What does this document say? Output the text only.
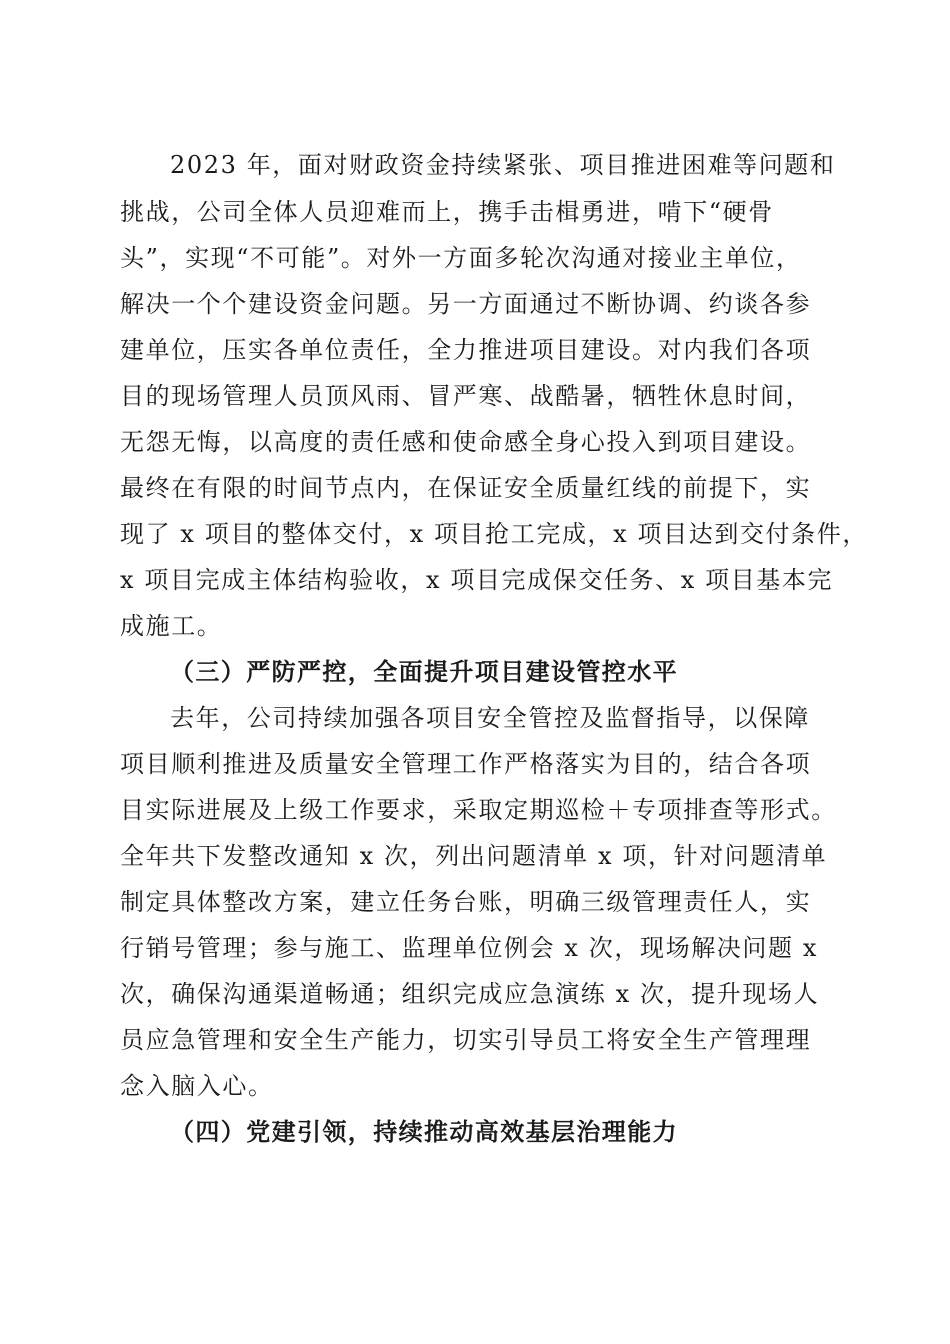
2023 年，面对财政资金持续紧张、项目推进困难等问题和
挑战，公司全体人员迎难而上，携手击楫勇进，啃下“硬骨
头”，实现“不可能”。对外一方面多轮次沟通对接业主单位，
解决一个个建设资金问题。另一方面通过不断协调、约谈各参
建单位，压实各单位责任，全力推进项目建设。对内我们各项
目的现场管理人员顶风雨、冒严寒、战酷暑，牺牲休息时间，
无怨无悔，以高度的责任感和使命感全身心投入到项目建设。
最终在有限的时间节点内，在保证安全质量红线的前提下，实
现了 x 项目的整体交付，x 项目抢工完成，x 项目达到交付条件，
x 项目完成主体结构验收，x 项目完成保交任务、x 项目基本完
成施工。
（三）严防严控，全面提升项目建设管控水平
去年，公司持续加强各项目安全管控及监督指导，以保障
项目顺利推进及质量安全管理工作严格落实为目的，结合各项
目实际进展及上级工作要求，采取定期巡检＋专项排查等形式。
全年共下发整改通知 x 次，列出问题清单 x 项，针对问题清单
制定具体整改方案，建立任务台账，明确三级管理责任人，实
行销号管理；参与施工、监理单位例会 x 次，现场解决问题 x
次，确保沟通渠道畅通；组织完成应急演练 x 次，提升现场人
员应急管理和安全生产能力，切实引导员工将安全生产管理理
念入脑入心。
（四）党建引领，持续推动高效基层治理能力
